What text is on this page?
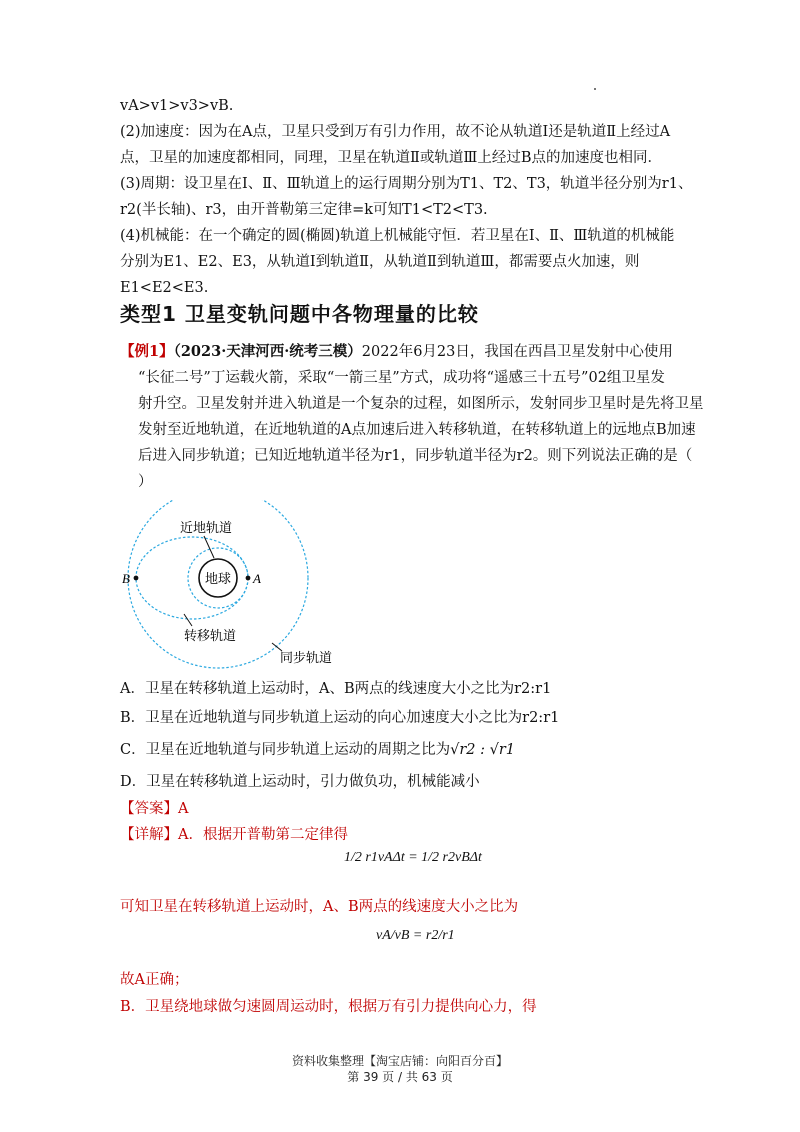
vA>v1>v3>vB.
(2)加速度：因为在A点，卫星只受到万有引力作用，故不论从轨道Ⅰ还是轨道Ⅱ上经过A
点，卫星的加速度都相同，同理，卫星在轨道Ⅱ或轨道Ⅲ上经过B点的加速度也相同．
(3)周期：设卫星在Ⅰ、Ⅱ、Ⅲ轨道上的运行周期分别为T1、T2、T3，轨道半径分别为r1、
r2(半长轴)、r3，由开普勒第三定律=k可知T1<T2<T3.
(4)机械能：在一个确定的圆(椭圆)轨道上机械能守恒．若卫星在Ⅰ、Ⅱ、Ⅲ轨道的机械能
分别为E1、E2、E3，从轨道Ⅰ到轨道Ⅱ，从轨道Ⅱ到轨道Ⅲ，都需要点火加速，则
E1<E2<E3.
类型1 卫星变轨问题中各物理量的比较
【例1】（2023·天津河西·统考三模）2022年6月23日，我国在西昌卫星发射中心使用
“长征二号”丁运载火箭，采取“一箭三星”方式，成功将“遥感三十五号”02组卫星发
射升空。卫星发射并进入轨道是一个复杂的过程，如图所示，发射同步卫星时是先将卫星
发射至近地轨道，在近地轨道的A点加速后进入转移轨道，在转移轨道上的远地点B加速
后进入同步轨道；已知近地轨道半径为r1，同步轨道半径为r2。则下列说法正确的是（
）
地球 A
B
近地轨道
转移轨道
同步轨道
A．卫星在转移轨道上运动时，A、B两点的线速度大小之比为r2:r1
B．卫星在近地轨道与同步轨道上运动的向心加速度大小之比为r2:r1
C．卫星在近地轨道与同步轨道上运动的周期之比为√r2 : √r1
D．卫星在转移轨道上运动时，引力做负功，机械能减小
【答案】A
【详解】A．根据开普勒第二定律得
1/2 r1vAΔt = 1/2 r2vBΔt
可知卫星在转移轨道上运动时，A、B两点的线速度大小之比为
vA/vB = r2/r1
故A正确；
B．卫星绕地球做匀速圆周运动时，根据万有引力提供向心力，得
资料收集整理【淘宝店铺：向阳百分百】
第 39 页 / 共 63 页
